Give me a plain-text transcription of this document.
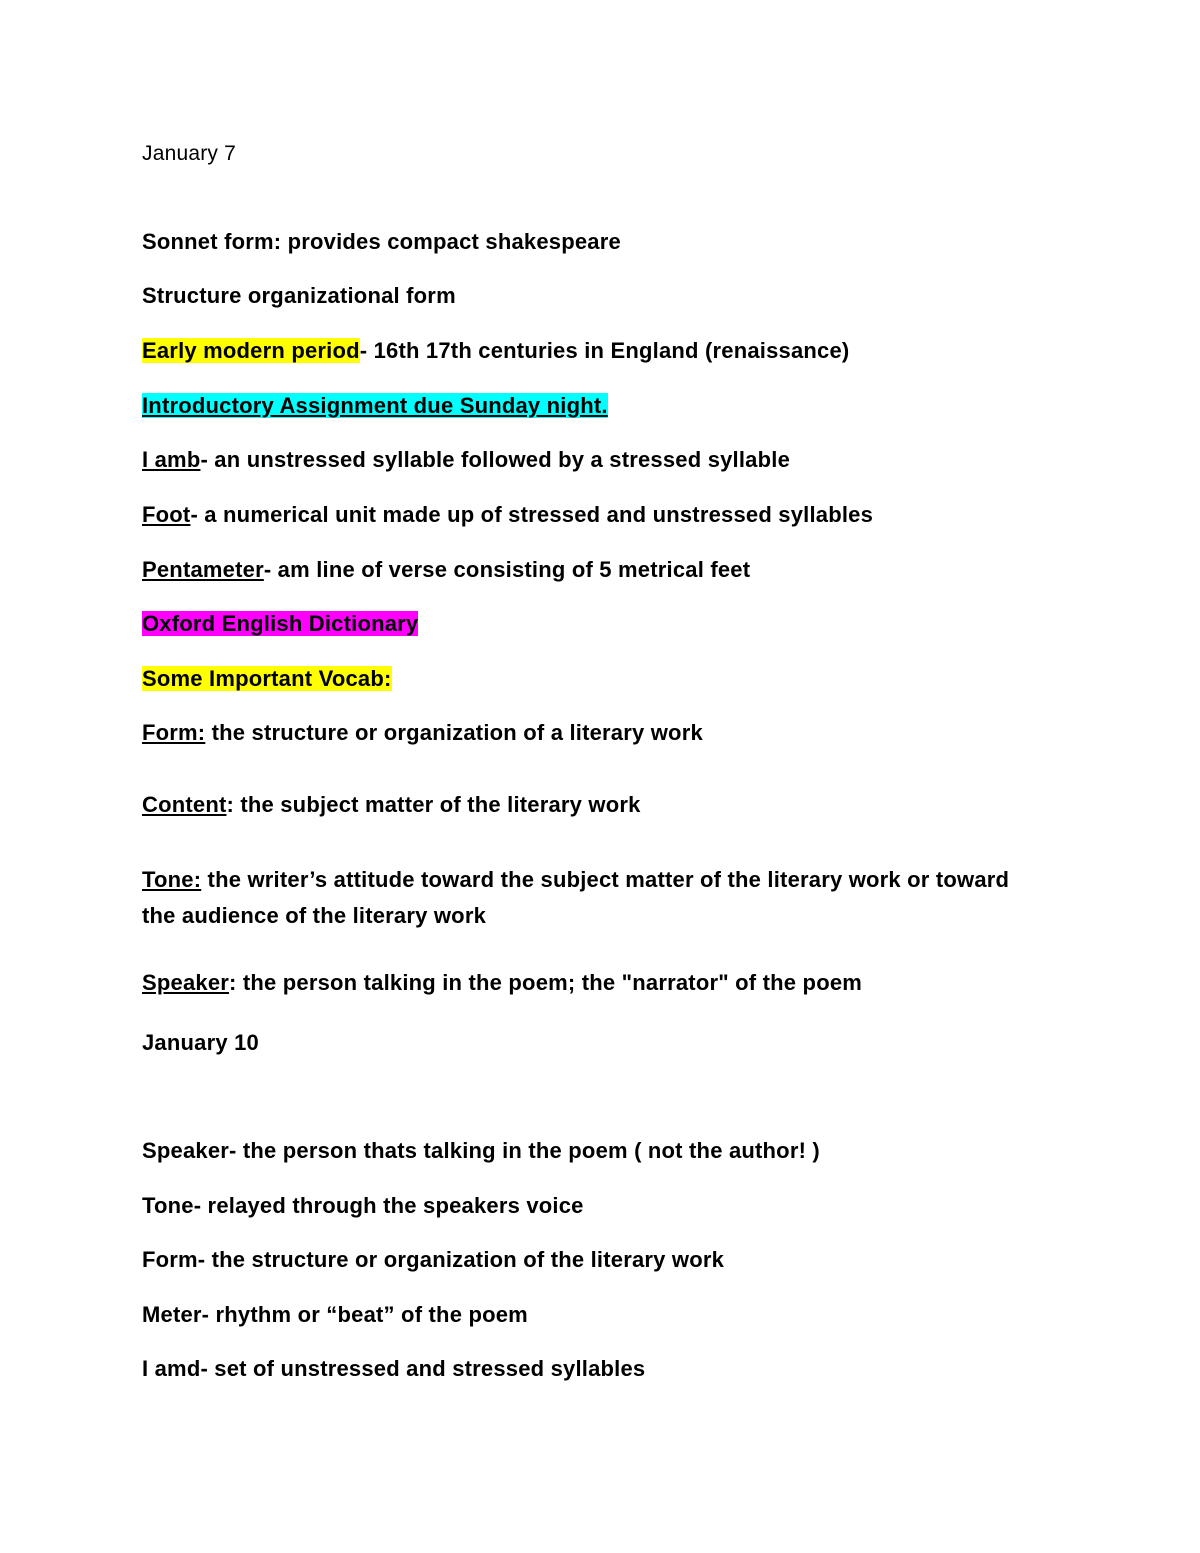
January 7
Sonnet form: provides compact shakespeare
Structure organizational form
Early modern period- 16th 17th centuries in England (renaissance)
Introductory Assignment due Sunday night.
I amb- an unstressed syllable followed by a stressed syllable
Foot- a numerical unit made up of stressed and unstressed syllables
Pentameter- am line of verse consisting of 5 metrical feet
Oxford English Dictionary
Some Important Vocab:
Form: the structure or organization of a literary work
Content: the subject matter of the literary work
Tone: the writer’s attitude toward the subject matter of the literary work or toward the audience of the literary work
Speaker: the person talking in the poem; the "narrator" of the poem
January 10
Speaker- the person thats talking in the poem ( not the author! )
Tone- relayed through the speakers voice
Form- the structure or organization of the literary work
Meter- rhythm or “beat” of the poem
I amd- set of unstressed and stressed syllables
